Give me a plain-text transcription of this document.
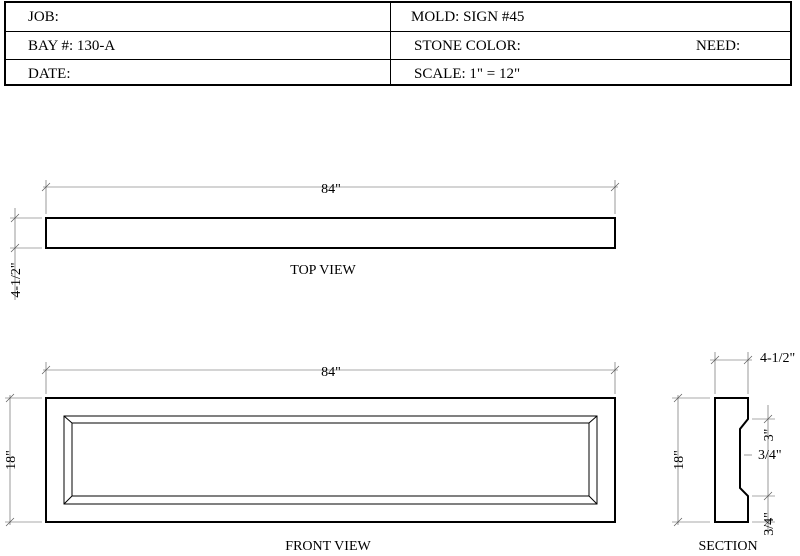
JOB:	MOLD: SIGN #45
BAY #: 130-A	STONE COLOR:	NEED:
DATE:	SCALE: 1" = 12"
84"
4-1/2"	TOP VIEW
84"
18"
FRONT VIEW
18"
4-1/2"
3"
3/4"
3/4"
SECTION
